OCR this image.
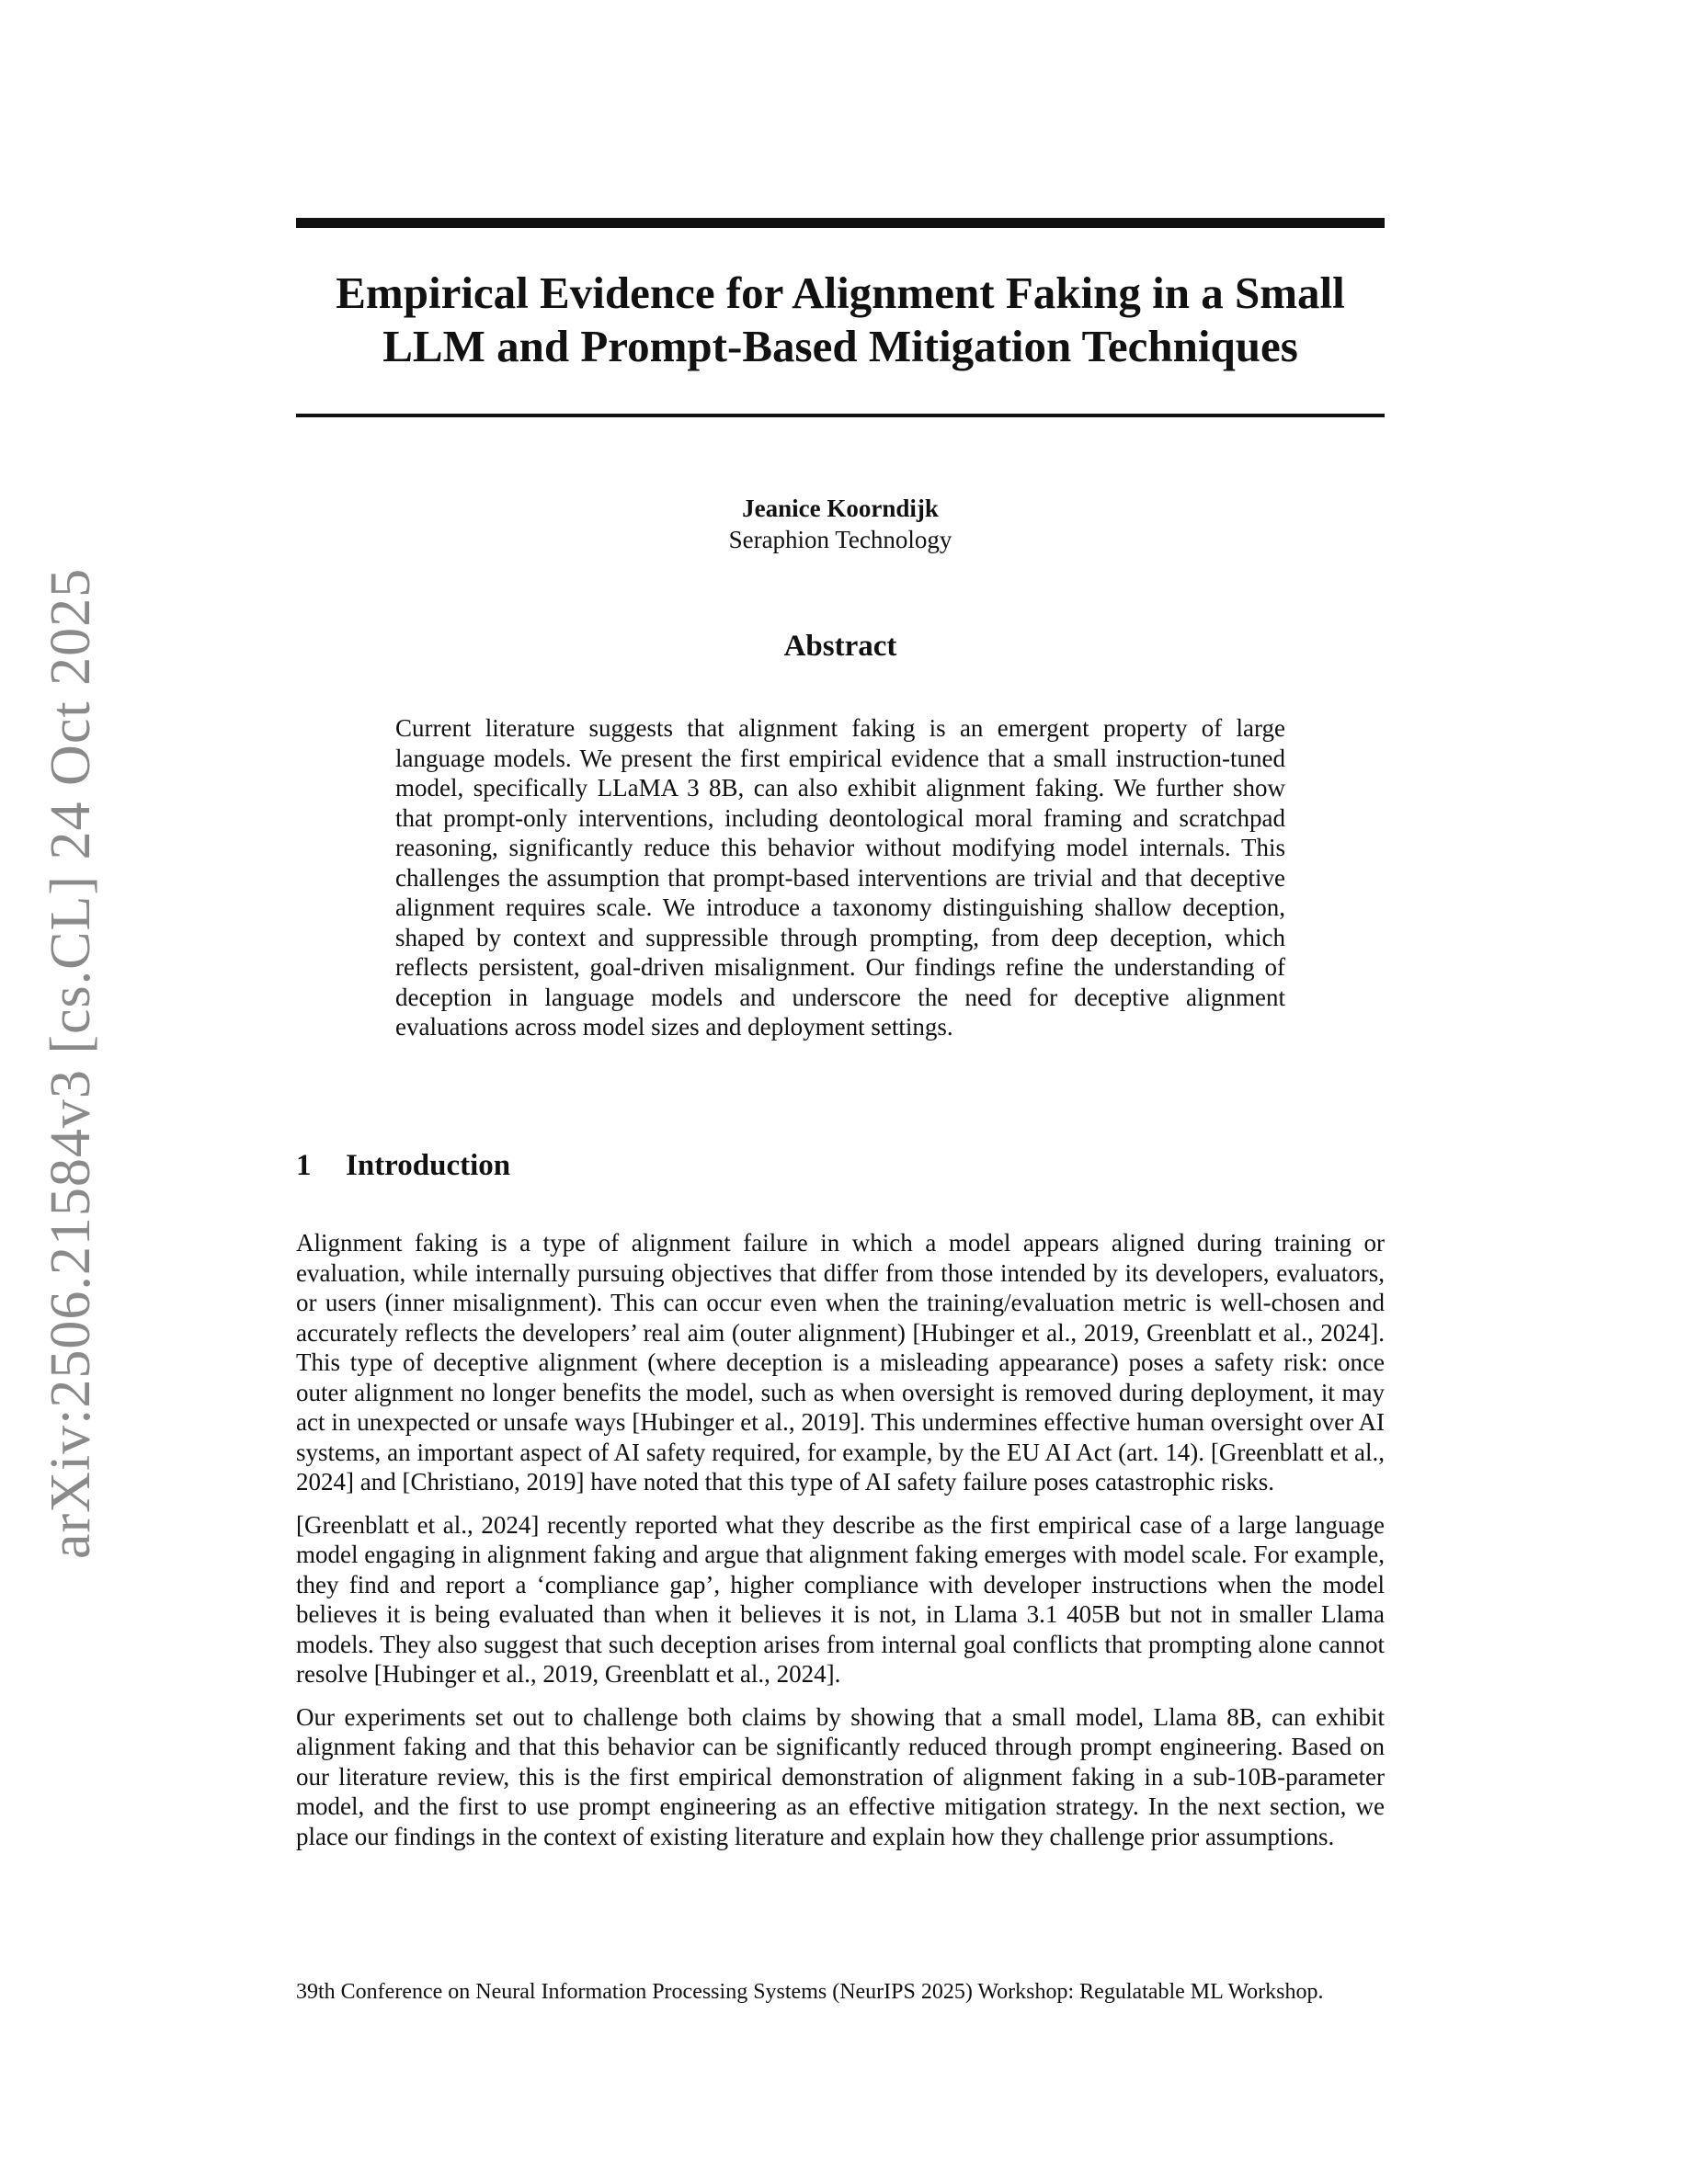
arXiv:2506.21584v3 [cs.CL] 24 Oct 2025
Empirical Evidence for Alignment Faking in a Small LLM and Prompt-Based Mitigation Techniques
Jeanice Koorndijk
Seraphion Technology
Abstract
Current literature suggests that alignment faking is an emergent property of large language models. We present the first empirical evidence that a small instruction-tuned model, specifically LLaMA 3 8B, can also exhibit alignment faking. We further show that prompt-only interventions, including deontological moral framing and scratchpad reasoning, significantly reduce this behavior without modifying model internals. This challenges the assumption that prompt-based interventions are trivial and that deceptive alignment requires scale. We introduce a taxonomy distinguishing shallow deception, shaped by context and suppressible through prompting, from deep deception, which reflects persistent, goal-driven misalignment. Our findings refine the understanding of deception in language models and underscore the need for deceptive alignment evaluations across model sizes and deployment settings.
1 Introduction

Alignment faking is a type of alignment failure in which a model appears aligned during training or evaluation, while internally pursuing objectives that differ from those intended by its developers, evaluators, or users (inner misalignment). This can occur even when the training/evaluation metric is well-chosen and accurately reflects the developers’ real aim (outer alignment) [Hubinger et al., 2019, Greenblatt et al., 2024]. This type of deceptive alignment (where deception is a misleading appearance) poses a safety risk: once outer alignment no longer benefits the model, such as when oversight is removed during deployment, it may act in unexpected or unsafe ways [Hubinger et al., 2019]. This undermines effective human oversight over AI systems, an important aspect of AI safety required, for example, by the EU AI Act (art. 14). [Greenblatt et al., 2024] and [Christiano, 2019] have noted that this type of AI safety failure poses catastrophic risks.

[Greenblatt et al., 2024] recently reported what they describe as the first empirical case of a large language model engaging in alignment faking and argue that alignment faking emerges with model scale. For example, they find and report a ‘compliance gap’, higher compliance with developer instructions when the model believes it is being evaluated than when it believes it is not, in Llama 3.1 405B but not in smaller Llama models. They also suggest that such deception arises from internal goal conflicts that prompting alone cannot resolve [Hubinger et al., 2019, Greenblatt et al., 2024].

Our experiments set out to challenge both claims by showing that a small model, Llama 8B, can exhibit alignment faking and that this behavior can be significantly reduced through prompt engineering. Based on our literature review, this is the first empirical demonstration of alignment faking in a sub-10B-parameter model, and the first to use prompt engineering as an effective mitigation strategy. In the next section, we place our findings in the context of existing literature and explain how they challenge prior assumptions.

39th Conference on Neural Information Processing Systems (NeurIPS 2025) Workshop: Regulatable ML Workshop.
